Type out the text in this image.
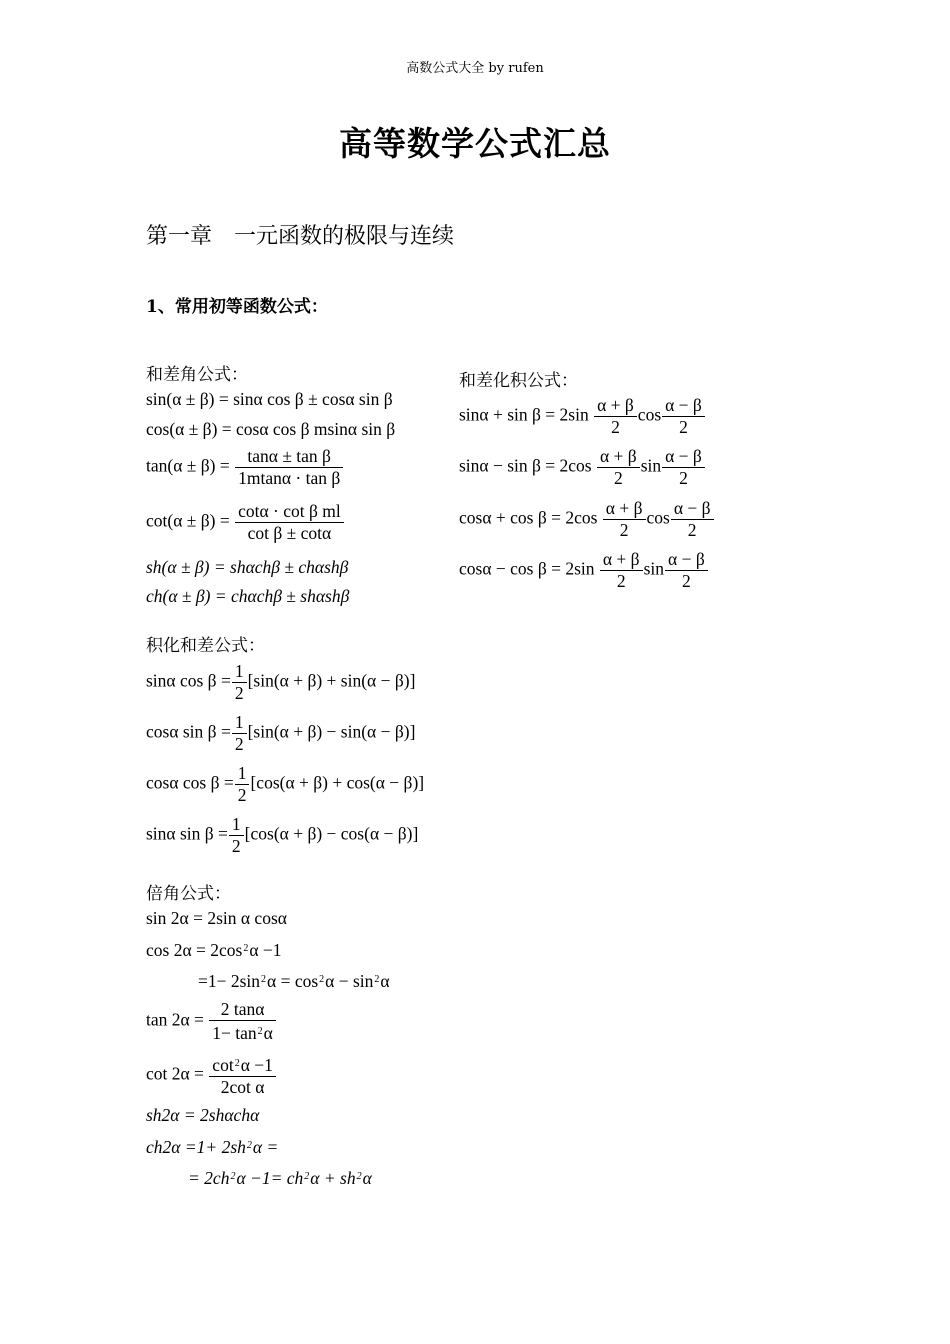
高数公式大全 by rufen
高等数学公式汇总
第一章　一元函数的极限与连续
1、常用初等函数公式：
和差角公式：
sin(α ± β) = sinα cos β ± cosα sin β
cos(α ± β) = cosα cos β msinα sin β
$\tan(\alpha \pm \beta) = \frac{\text{tanα ± tan β}}{\text{1mtanα · tan β}}$
$\cot(\alpha \pm \beta) = \frac{\text{cotα · cot β ml}}{\text{cot β ± cotα}}$
sh(α ± β) = shαchβ ± chαshβ
ch(α ± β) = chαchβ ± shαshβ
和差化积公式：
$\sin\alpha + \sin \beta = 2\sin \frac{\alpha + \beta}{2}$ $\cos \frac{\alpha - \beta}{2}$
$\sin\alpha - \sin \beta = 2\cos \frac{\alpha + \beta}{2}$ $\sin \frac{\alpha - \beta}{2}$
$\cos\alpha + \cos \beta = 2\cos \frac{\alpha + \beta}{2}$ $\cos \frac{\alpha - \beta}{2}$
$\cos\alpha - \cos \beta = 2\sin \frac{\alpha + \beta}{2}$ $\sin \frac{\alpha - \beta}{2}$
积化和差公式：
sinα $\cos \beta = \frac{1}{2} [\sin(\alpha + \beta) + \sin(\alpha - \beta)]$
cosα $\sin \beta = \frac{1}{2} [\sin(\alpha + \beta) - \sin(\alpha - \beta)]$
cosα $\cos \beta = \frac{1}{2} [\cos(\alpha + \beta) + \cos(\alpha - \beta)]$
sinα $\sin \beta = \frac{1}{2} [\cos(\alpha + \beta) - \cos(\alpha - \beta)]$
倍角公式：
sin 2α = 2sin α cosα
$\cos 2\alpha = 2\cos^2\alpha -1$
$=1- 2\sin^2\alpha = \cos^2\alpha - \sin^2\alpha$
$\tan 2\alpha = \frac{2 \tan\alpha}{1- \tan^2\alpha}$
$\cot 2\alpha = \frac{\cot^2\alpha -1}{\text{2cot α}}$
sh2α = 2shαchα
$ch2\alpha =1+ 2sh^2\alpha$ =
= $2ch^2\alpha -1= ch^2\alpha + sh^2\alpha$
